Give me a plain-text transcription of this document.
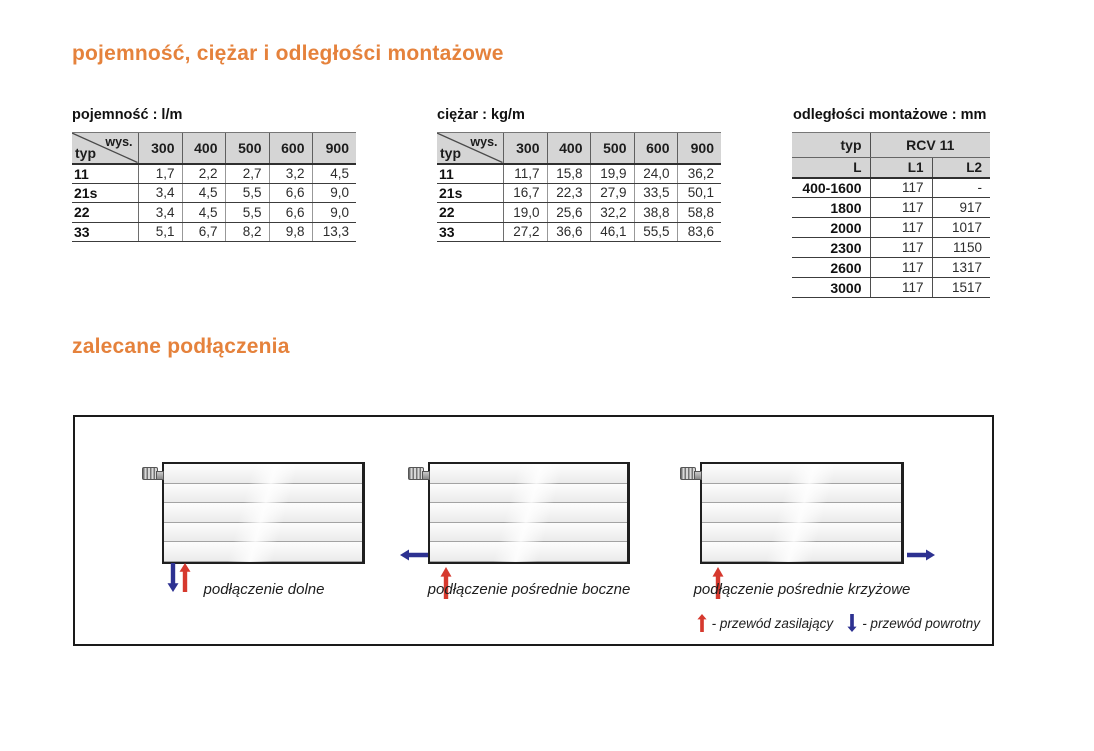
pojemność, ciężar i odległości montażowe
pojemność : l/m
wys.
typ	300	400	500	600	900
11	1,7	2,2	2,7	3,2	4,5
21s	3,4	4,5	5,5	6,6	9,0
22	3,4	4,5	5,5	6,6	9,0
33	5,1	6,7	8,2	9,8	13,3
ciężar : kg/m
wys.
typ	300	400	500	600	900
11	11,7	15,8	19,9	24,0	36,2
21s	16,7	22,3	27,9	33,5	50,1
22	19,0	25,6	32,2	38,8	58,8
33	27,2	36,6	46,1	55,5	83,6
odległości montażowe : mm
typ	RCV 11	
L	L1	L2
400-1600	117	-
1800	117	917
2000	117	1017
2300	117	1150
2600	117	1317
3000	117	1517
zalecane podłączenia
podłączenie dolne	podłączenie pośrednie boczne	podłączenie pośrednie krzyżowe
- przewód zasilający - przewód powrotny
